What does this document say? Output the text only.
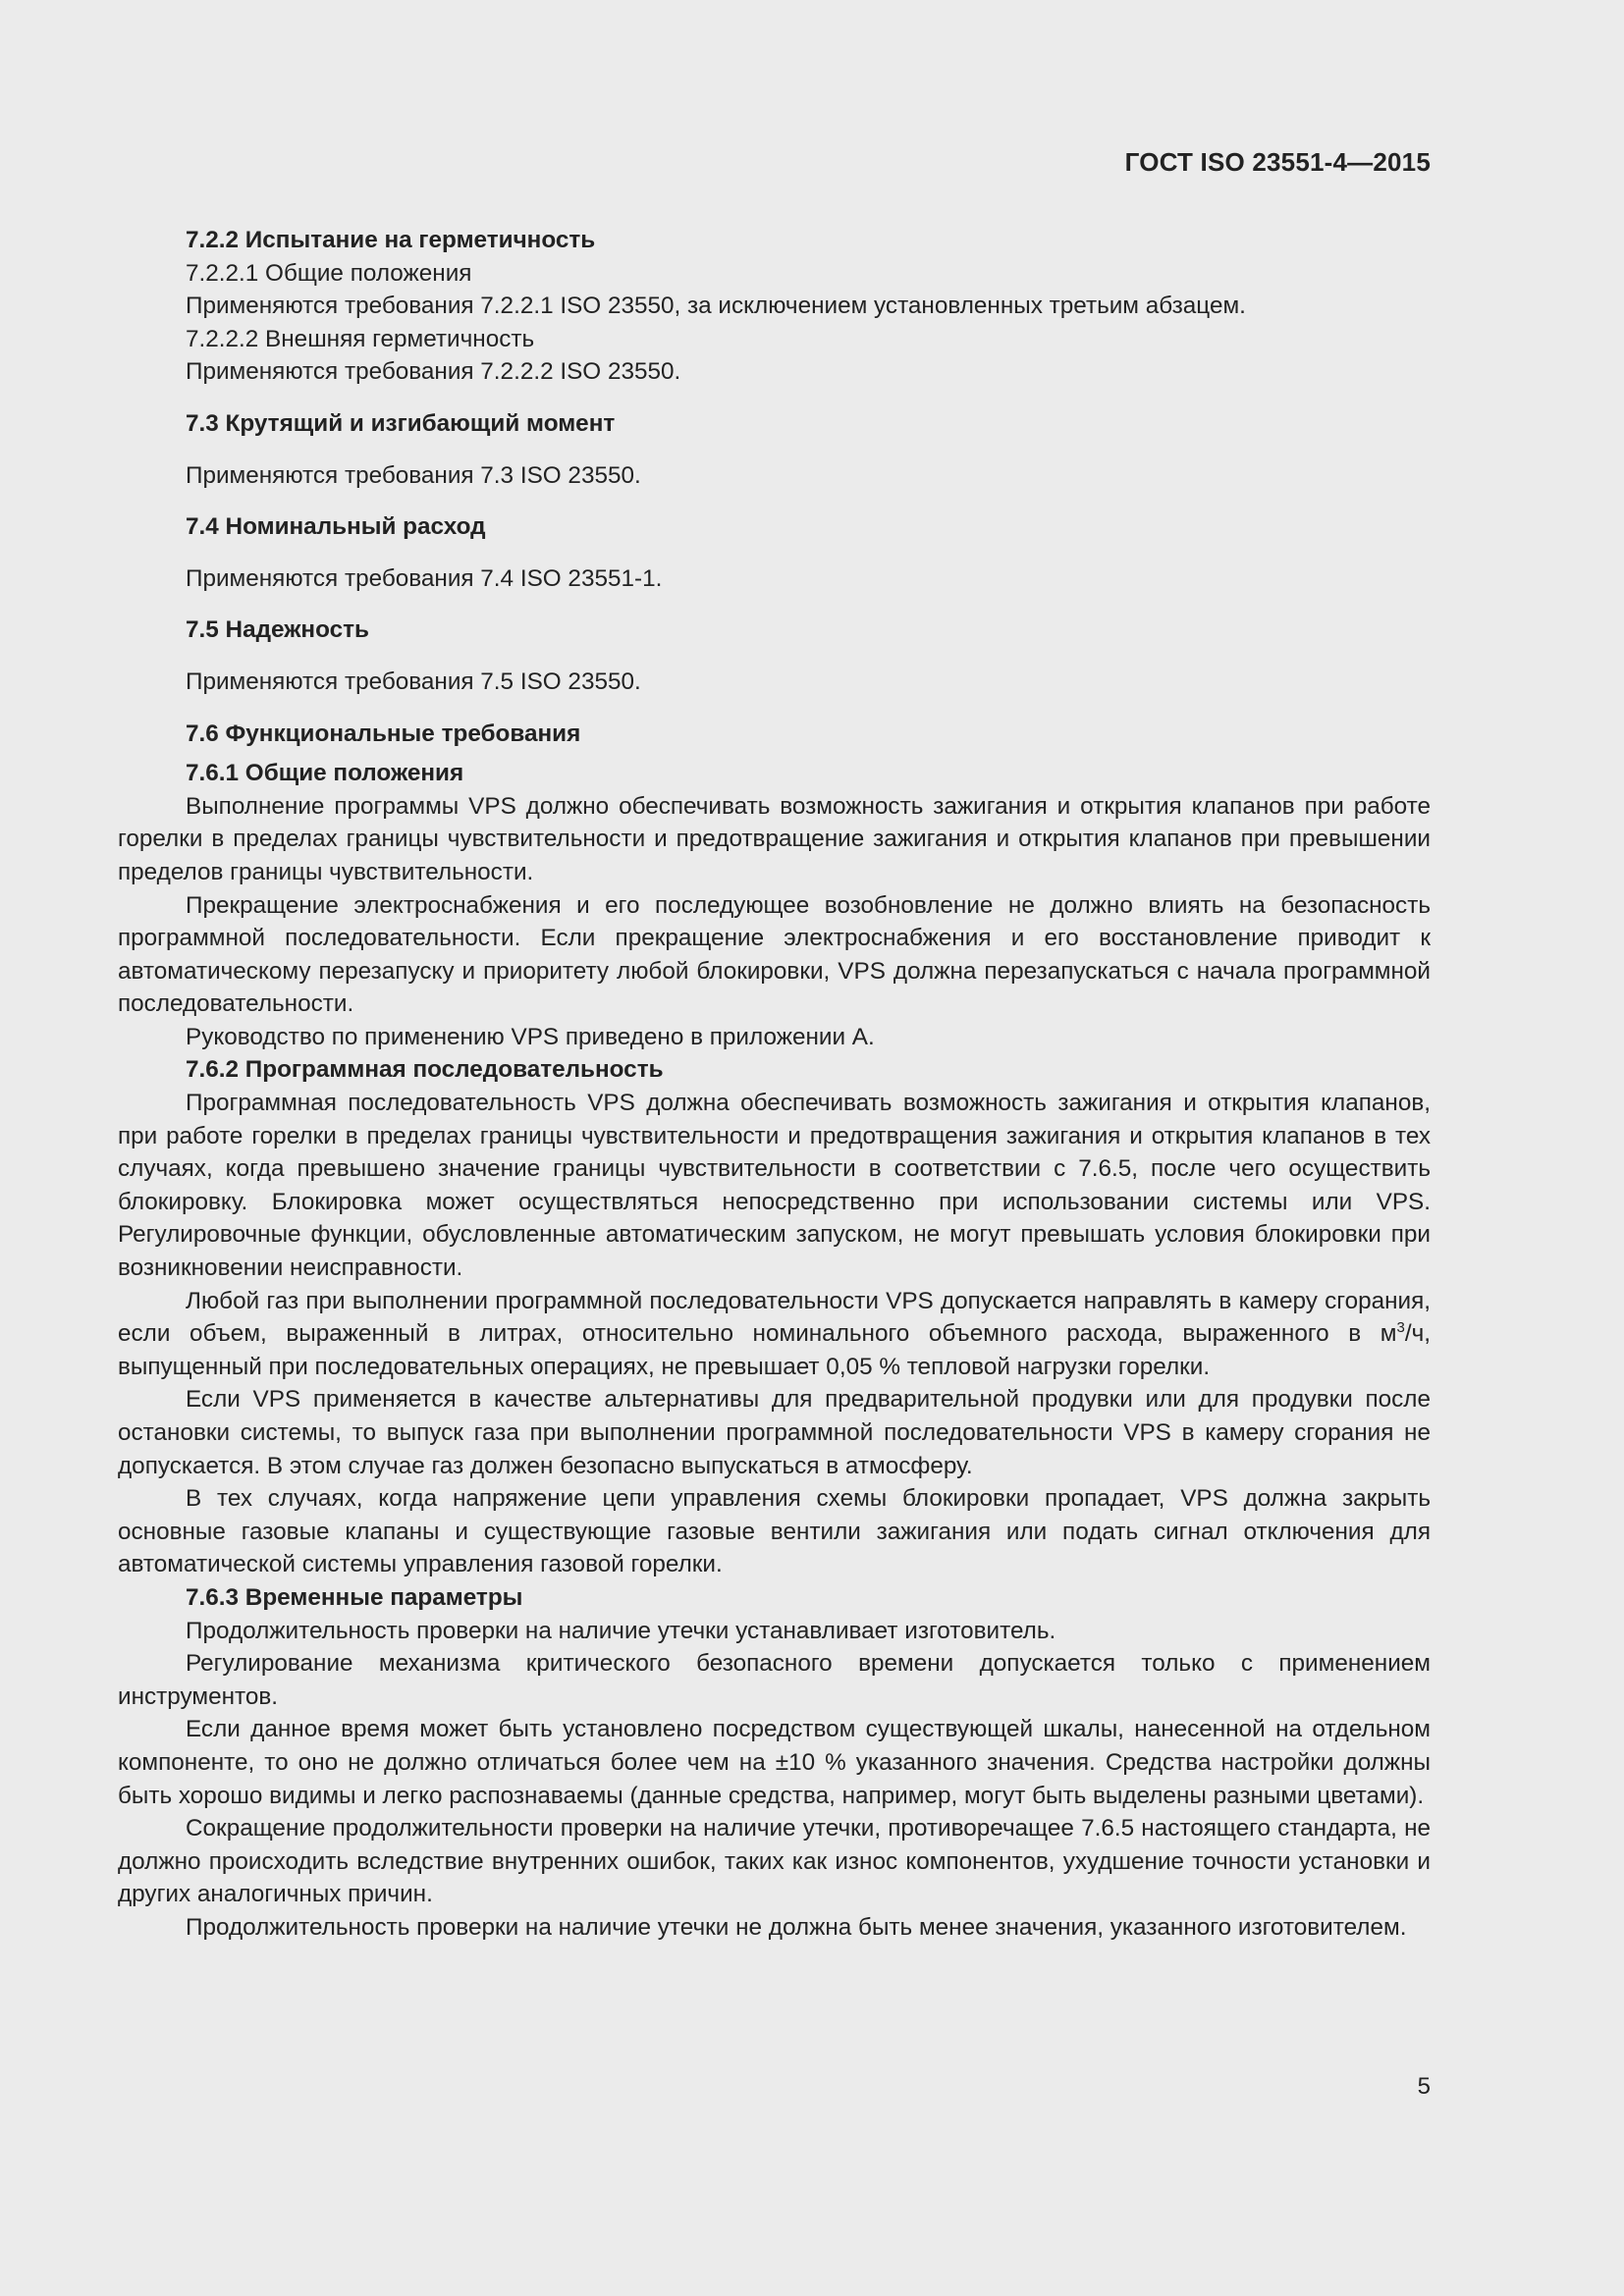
ГОСТ ISO 23551-4—2015

7.2.2 Испытание на герметичность

7.2.2.1 Общие положения

Применяются требования 7.2.2.1 ISO 23550, за исключением установленных третьим абзацем.

7.2.2.2 Внешняя герметичность

Применяются требования 7.2.2.2 ISO 23550.

7.3 Крутящий и изгибающий момент

Применяются требования 7.3 ISO 23550.

7.4 Номинальный расход

Применяются требования 7.4 ISO 23551-1.

7.5 Надежность

Применяются требования 7.5 ISO 23550.

7.6 Функциональные требования

7.6.1 Общие положения

Выполнение программы VPS должно обеспечивать возможность зажигания и открытия клапанов при работе горелки в пределах границы чувствительности и предотвращение зажигания и открытия клапанов при превышении пределов границы чувствительности.

Прекращение электроснабжения и его последующее возобновление не должно влиять на безопасность программной последовательности. Если прекращение электроснабжения и его восстановление приводит к автоматическому перезапуску и приоритету любой блокировки, VPS должна перезапускаться с начала программной последовательности.

Руководство по применению VPS приведено в приложении А.

7.6.2 Программная последовательность

Программная последовательность VPS должна обеспечивать возможность зажигания и открытия клапанов, при работе горелки в пределах границы чувствительности и предотвращения зажигания и открытия клапанов в тех случаях, когда превышено значение границы чувствительности в соответствии с 7.6.5, после чего осуществить блокировку. Блокировка может осуществляться непосредственно при использовании системы или VPS. Регулировочные функции, обусловленные автоматическим запуском, не могут превышать условия блокировки при возникновении неисправности.

Любой газ при выполнении программной последовательности VPS допускается направлять в камеру сгорания, если объем, выраженный в литрах, относительно номинального объемного расхода, выраженного в $м^3/ч$, выпущенный при последовательных операциях, не превышает 0,05 % тепловой нагрузки горелки.

Если VPS применяется в качестве альтернативы для предварительной продувки или для продувки после остановки системы, то выпуск газа при выполнении программной последовательности VPS в камеру сгорания не допускается. В этом случае газ должен безопасно выпускаться в атмосферу.

В тех случаях, когда напряжение цепи управления схемы блокировки пропадает, VPS должна закрыть основные газовые клапаны и существующие газовые вентили зажигания или подать сигнал отключения для автоматической системы управления газовой горелки.

7.6.3 Временные параметры

Продолжительность проверки на наличие утечки устанавливает изготовитель.

Регулирование механизма критического безопасного времени допускается только с применением инструментов.

Если данное время может быть установлено посредством существующей шкалы, нанесенной на отдельном компоненте, то оно не должно отличаться более чем на ±10 % указанного значения. Средства настройки должны быть хорошо видимы и легко распознаваемы (данные средства, например, могут быть выделены разными цветами).

Сокращение продолжительности проверки на наличие утечки, противоречащее 7.6.5 настоящего стандарта, не должно происходить вследствие внутренних ошибок, таких как износ компонентов, ухудшение точности установки и других аналогичных причин.

Продолжительность проверки на наличие утечки не должна быть менее значения, указанного изготовителем.

5
